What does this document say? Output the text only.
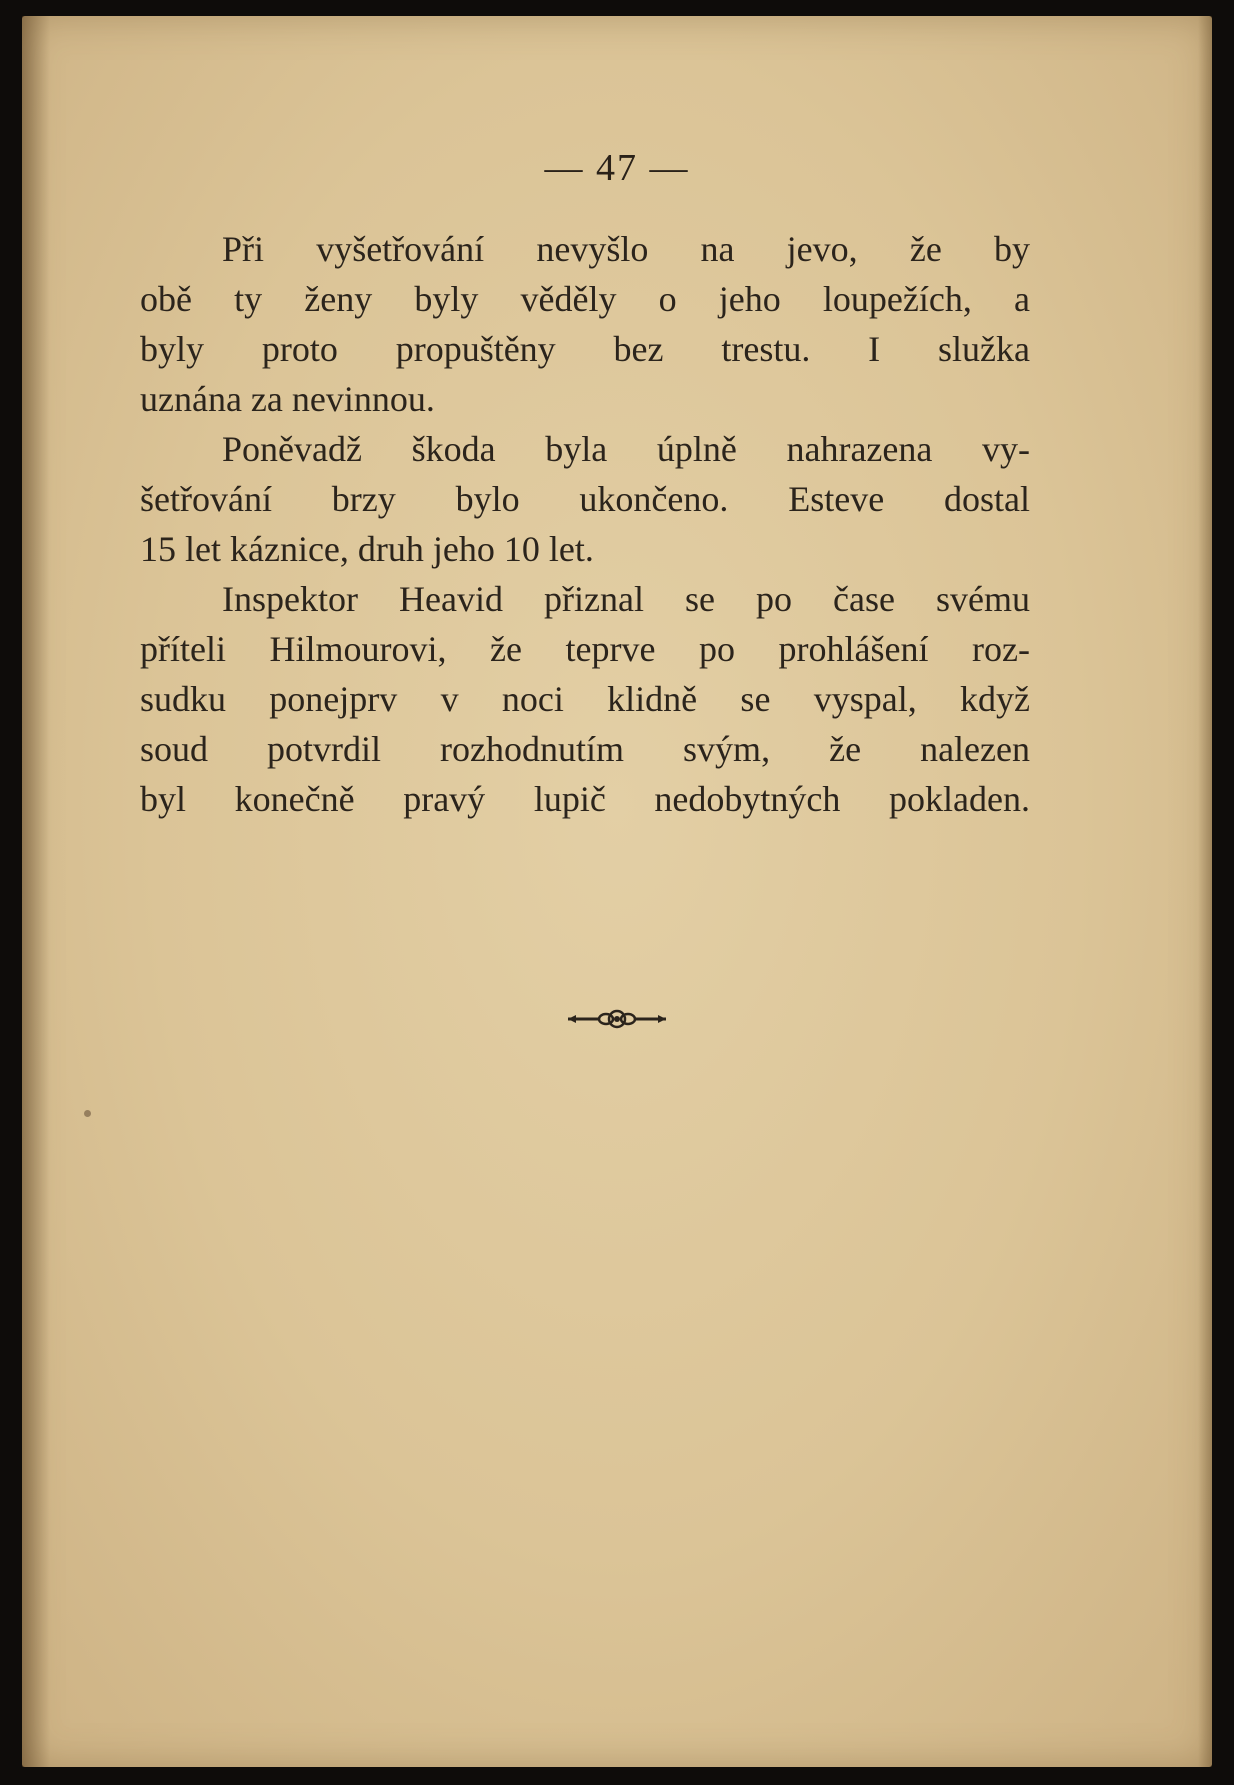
— 47 —
Při vyšetřování nevyšlo na jevo, že by
obě ty ženy byly věděly o jeho loupežích, a
byly proto propuštěny bez trestu. I služka
uznána za nevinnou.
Poněvadž škoda byla úplně nahrazena vy-
šetřování brzy bylo ukončeno. Esteve dostal
15 let káznice, druh jeho 10 let.
Inspektor Heavid přiznal se po čase svému
příteli Hilmourovi, že teprve po prohlášení roz-
sudku ponejprv v noci klidně se vyspal, když
soud potvrdil rozhodnutím svým, že nalezen
byl konečně pravý lupič nedobytných pokladen.
